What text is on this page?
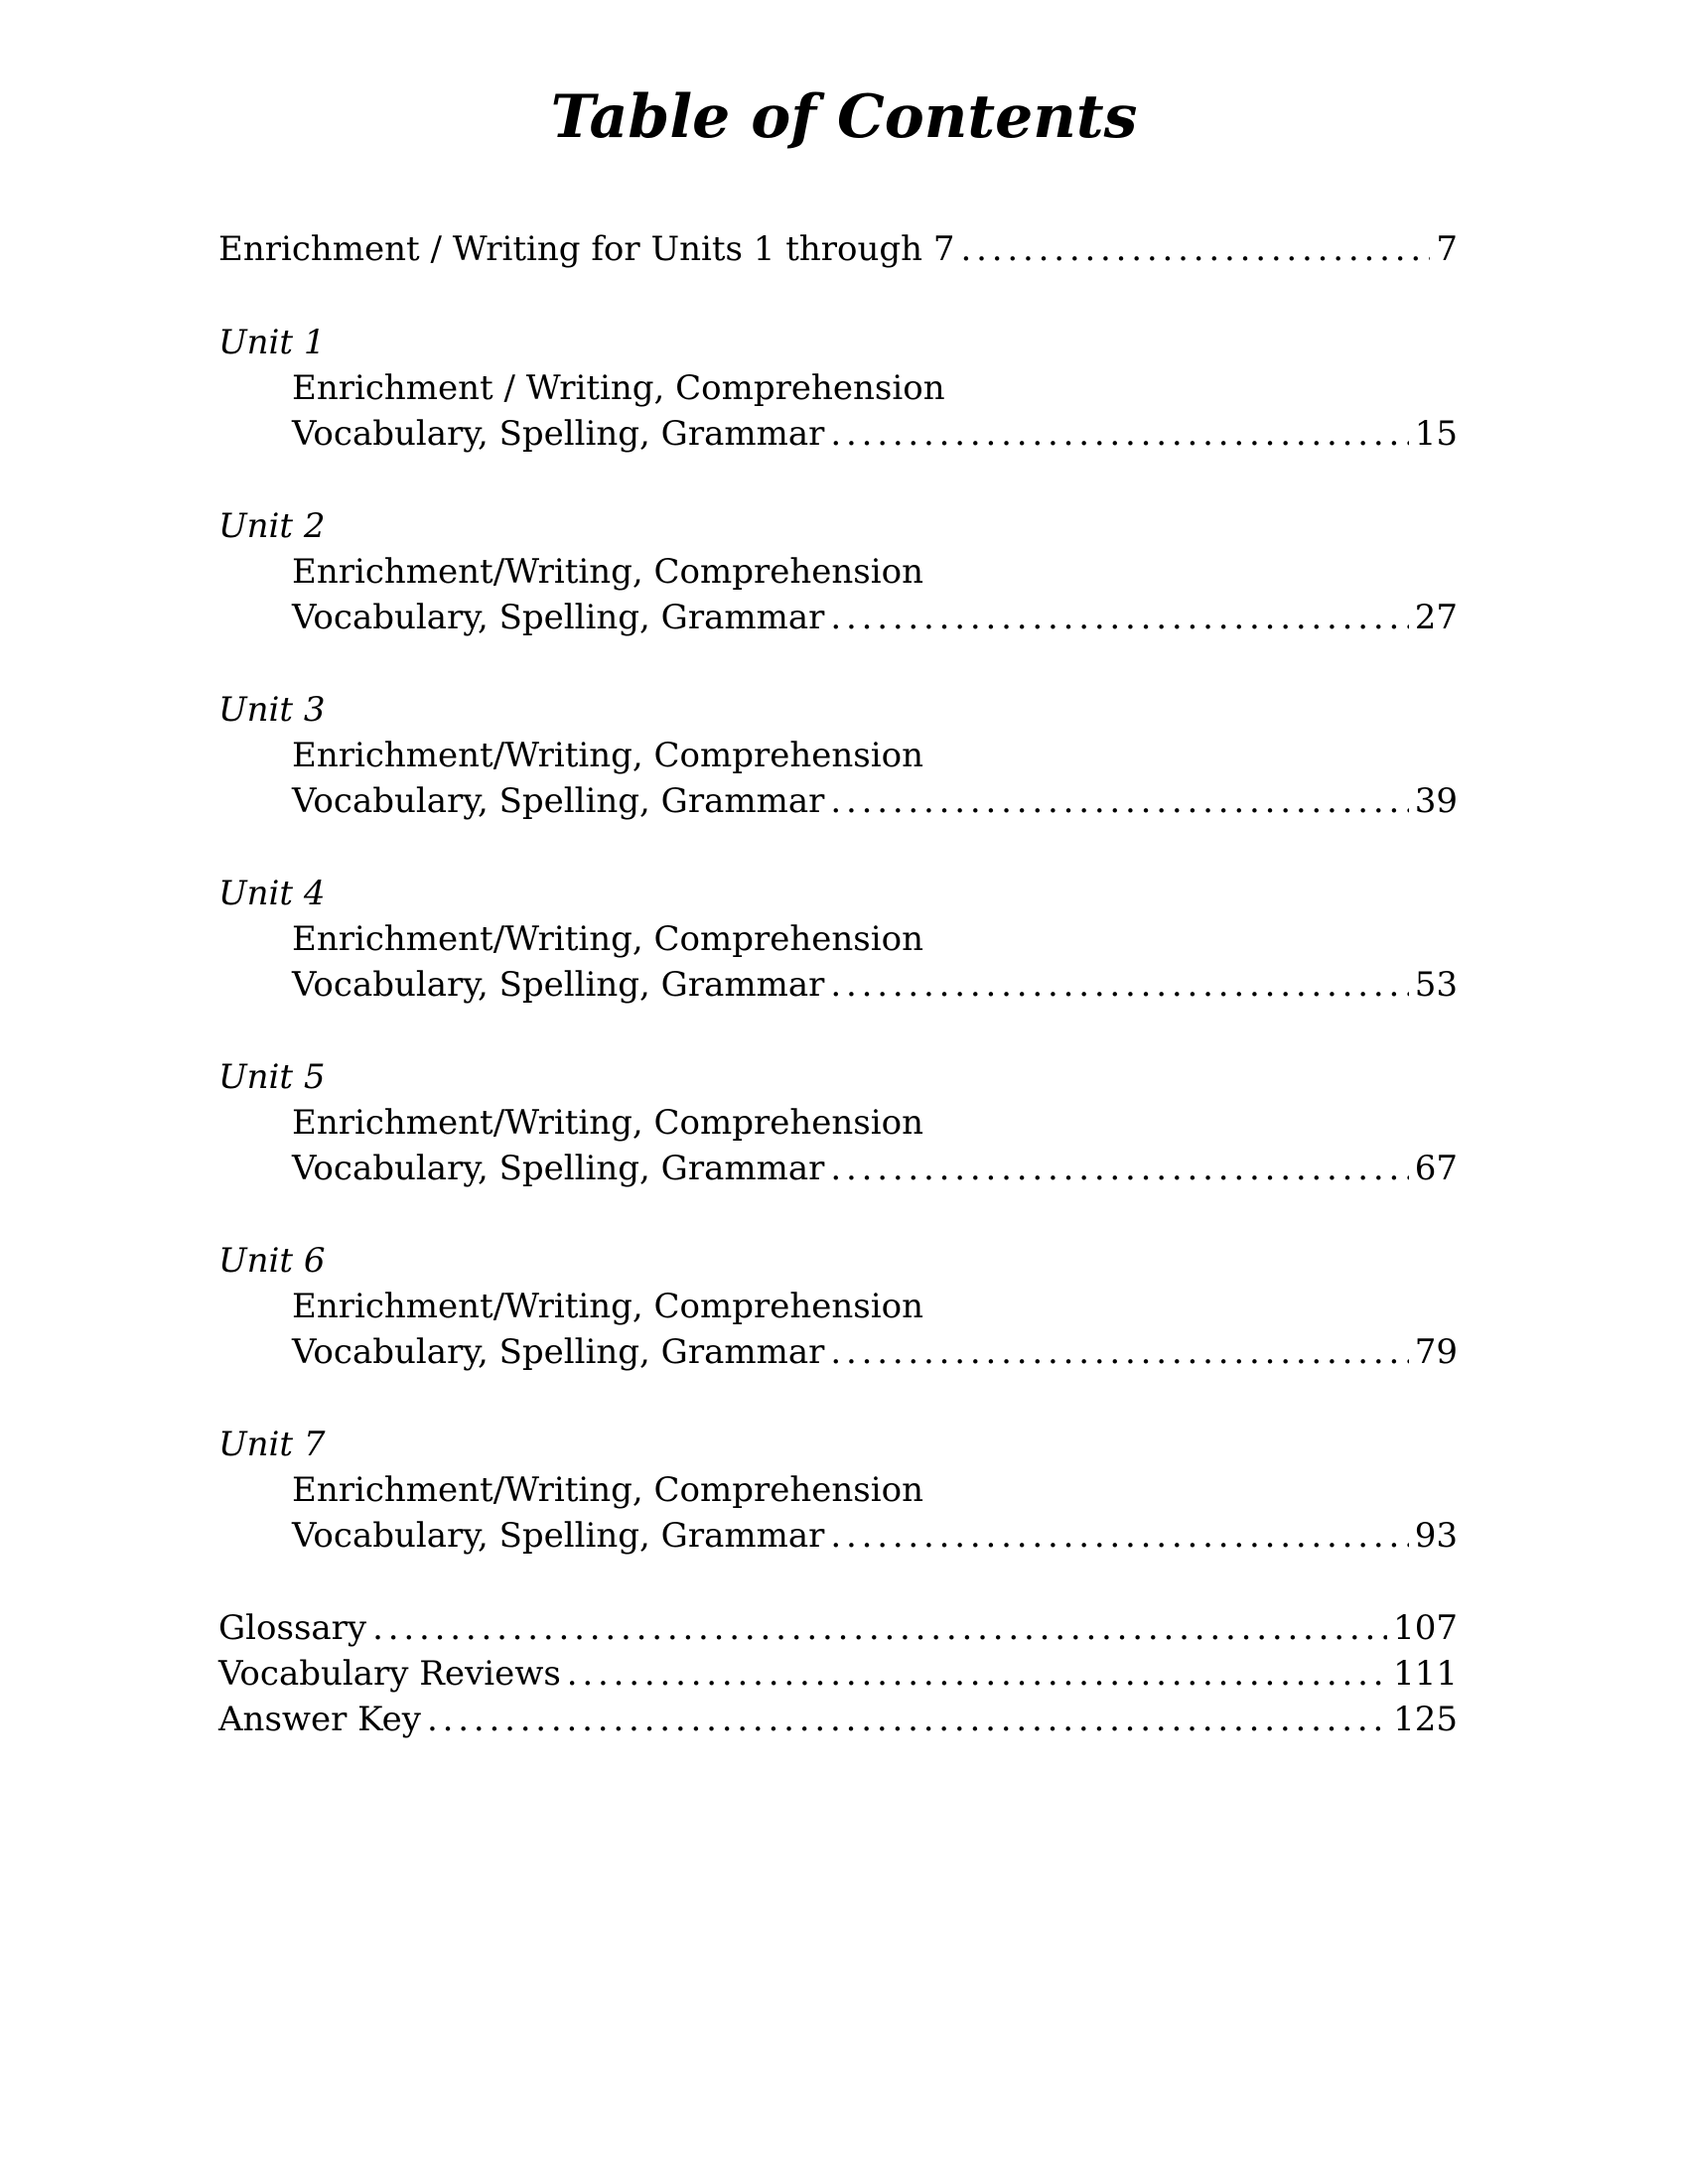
Table of Contents
Enrichment / Writing for Units 1 through 7 . . .	7
Unit 1
Enrichment / Writing, Comprehension
Vocabulary, Spelling, Grammar . . .	15
Unit 2
Enrichment/Writing, Comprehension
Vocabulary, Spelling, Grammar . . .	27
Unit 3
Enrichment/Writing, Comprehension
Vocabulary, Spelling, Grammar . . .	39
Unit 4
Enrichment/Writing, Comprehension
Vocabulary, Spelling, Grammar . . .	53
Unit 5
Enrichment/Writing, Comprehension
Vocabulary, Spelling, Grammar . . .	67
Unit 6
Enrichment/Writing, Comprehension
Vocabulary, Spelling, Grammar . . .	79
Unit 7
Enrichment/Writing, Comprehension
Vocabulary, Spelling, Grammar . . .	93
Glossary . . .	107
Vocabulary Reviews . . .	111
Answer Key . . .	125
